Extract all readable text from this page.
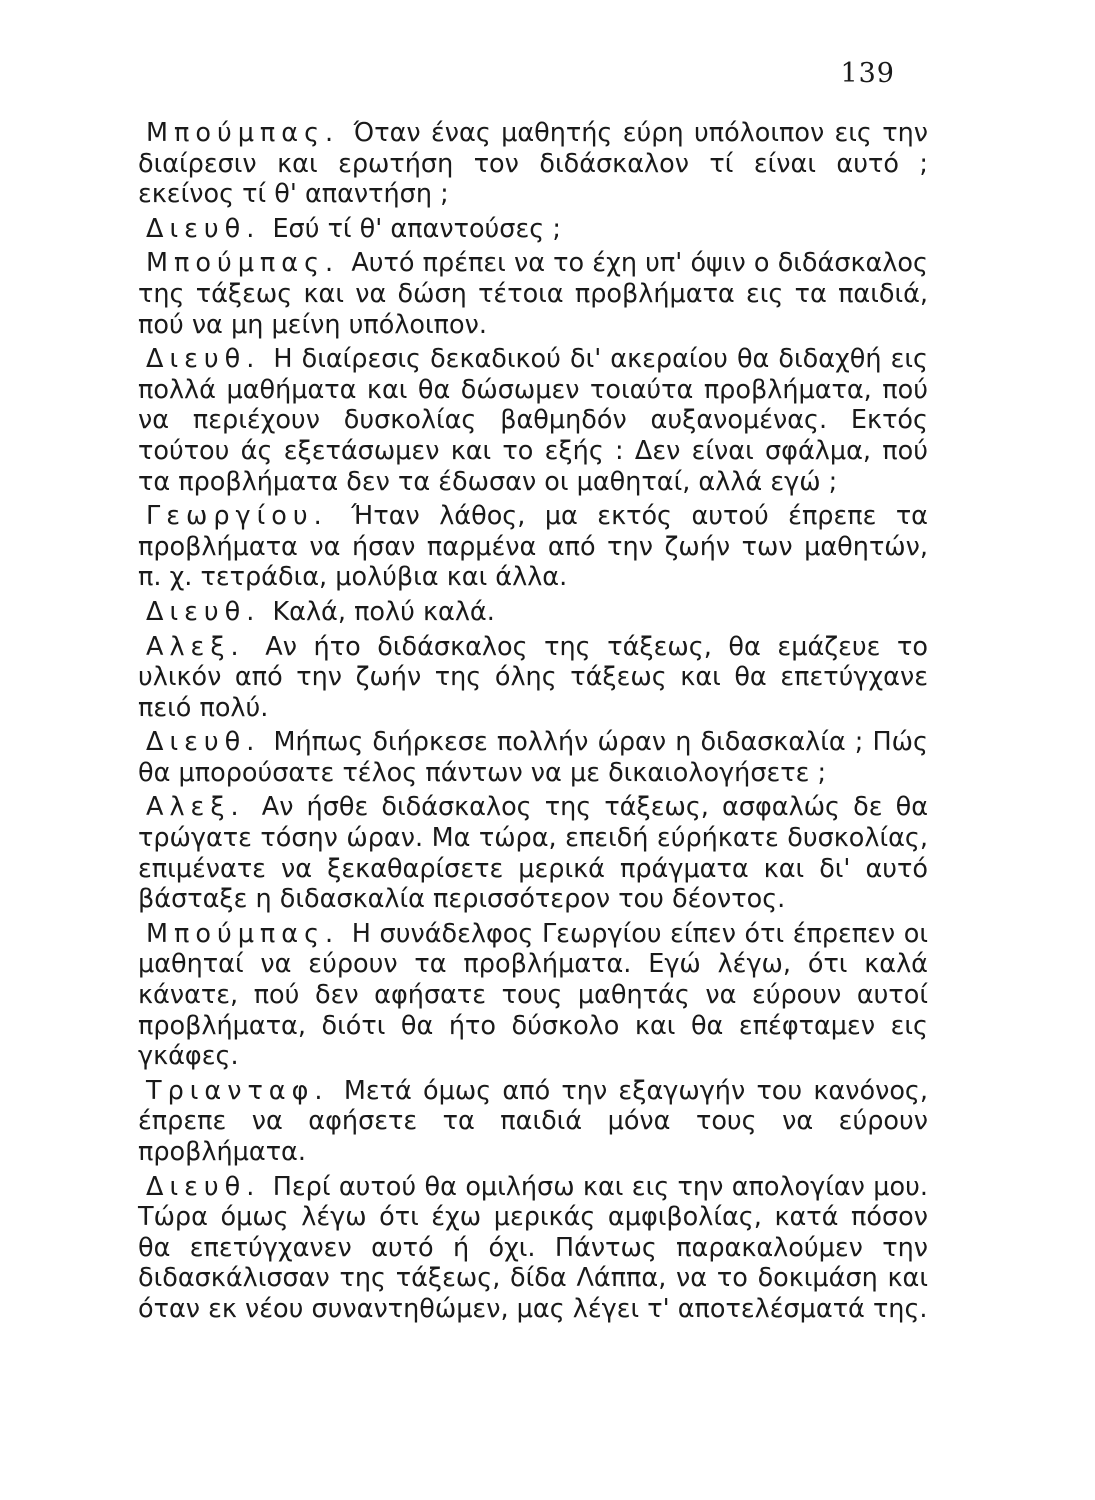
139

Μπούμπας. Όταν ένας μαθητής εύρη υπόλοιπον εις την διαίρεσιν και ερωτήση τον διδάσκαλον τί είναι αυτό ; εκείνος τί θ' απαντήση ;

Διευθ. Εσύ τί θ' απαντούσες ;

Μπούμπας. Αυτό πρέπει να το έχη υπ' όψιν ο διδάσκαλος της τάξεως και να δώση τέτοια προβλήματα εις τα παιδιά, πού να μη μείνη υπόλοιπον.

Διευθ. Η διαίρεσις δεκαδικού δι' ακεραίου θα διδαχθή εις πολλά μαθήματα και θα δώσωμεν τοιαύτα προβλήματα, πού να περιέχουν δυσκολίας βαθμηδόν αυξανομένας. Εκτός τούτου άς εξετάσωμεν και το εξής : Δεν είναι σφάλμα, πού τα προβλήματα δεν τα έδωσαν οι μαθηταί, αλλά εγώ ;

Γεωργίου. Ήταν λάθος, μα εκτός αυτού έπρεπε τα προβλήματα να ήσαν παρμένα από την ζωήν των μαθητών, π. χ. τετράδια, μολύβια και άλλα.

Διευθ. Καλά, πολύ καλά.

Αλεξ. Αν ήτο διδάσκαλος της τάξεως, θα εμάζευε το υλικόν από την ζωήν της όλης τάξεως και θα επετύγχανε πειό πολύ.

Διευθ. Μήπως διήρκεσε πολλήν ώραν η διδασκαλία ; Πώς θα μπορούσατε τέλος πάντων να με δικαιολογήσετε ;

Αλεξ. Αν ήσθε διδάσκαλος της τάξεως, ασφαλώς δε θα τρώγατε τόσην ώραν. Μα τώρα, επειδή εύρήκατε δυσκολίας, επιμένατε να ξεκαθαρίσετε μερικά πράγματα και δι' αυτό βάσταξε η διδασκαλία περισσότερον του δέοντος.

Μπούμπας. Η συνάδελφος Γεωργίου είπεν ότι έπρεπεν οι μαθηταί να εύρουν τα προβλήματα. Εγώ λέγω, ότι καλά κάνατε, πού δεν αφήσατε τους μαθητάς να εύρουν αυτοί προβλήματα, διότι θα ήτο δύσκολο και θα επέφταμεν εις γκάφες.

Τριανταφ. Μετά όμως από την εξαγωγήν του κανόνος, έπρεπε να αφήσετε τα παιδιά μόνα τους να εύρουν προβλήματα.

Διευθ. Περί αυτού θα ομιλήσω και εις την απολογίαν μου. Τώρα όμως λέγω ότι έχω μερικάς αμφιβολίας, κατά πόσον θα επετύγχανεν αυτό ή όχι. Πάντως παρακαλούμεν την διδασκάλισσαν της τάξεως, δίδα Λάππα, να το δοκιμάση και όταν εκ νέου συναντηθώμεν, μας λέγει τ' αποτελέσματά της.
